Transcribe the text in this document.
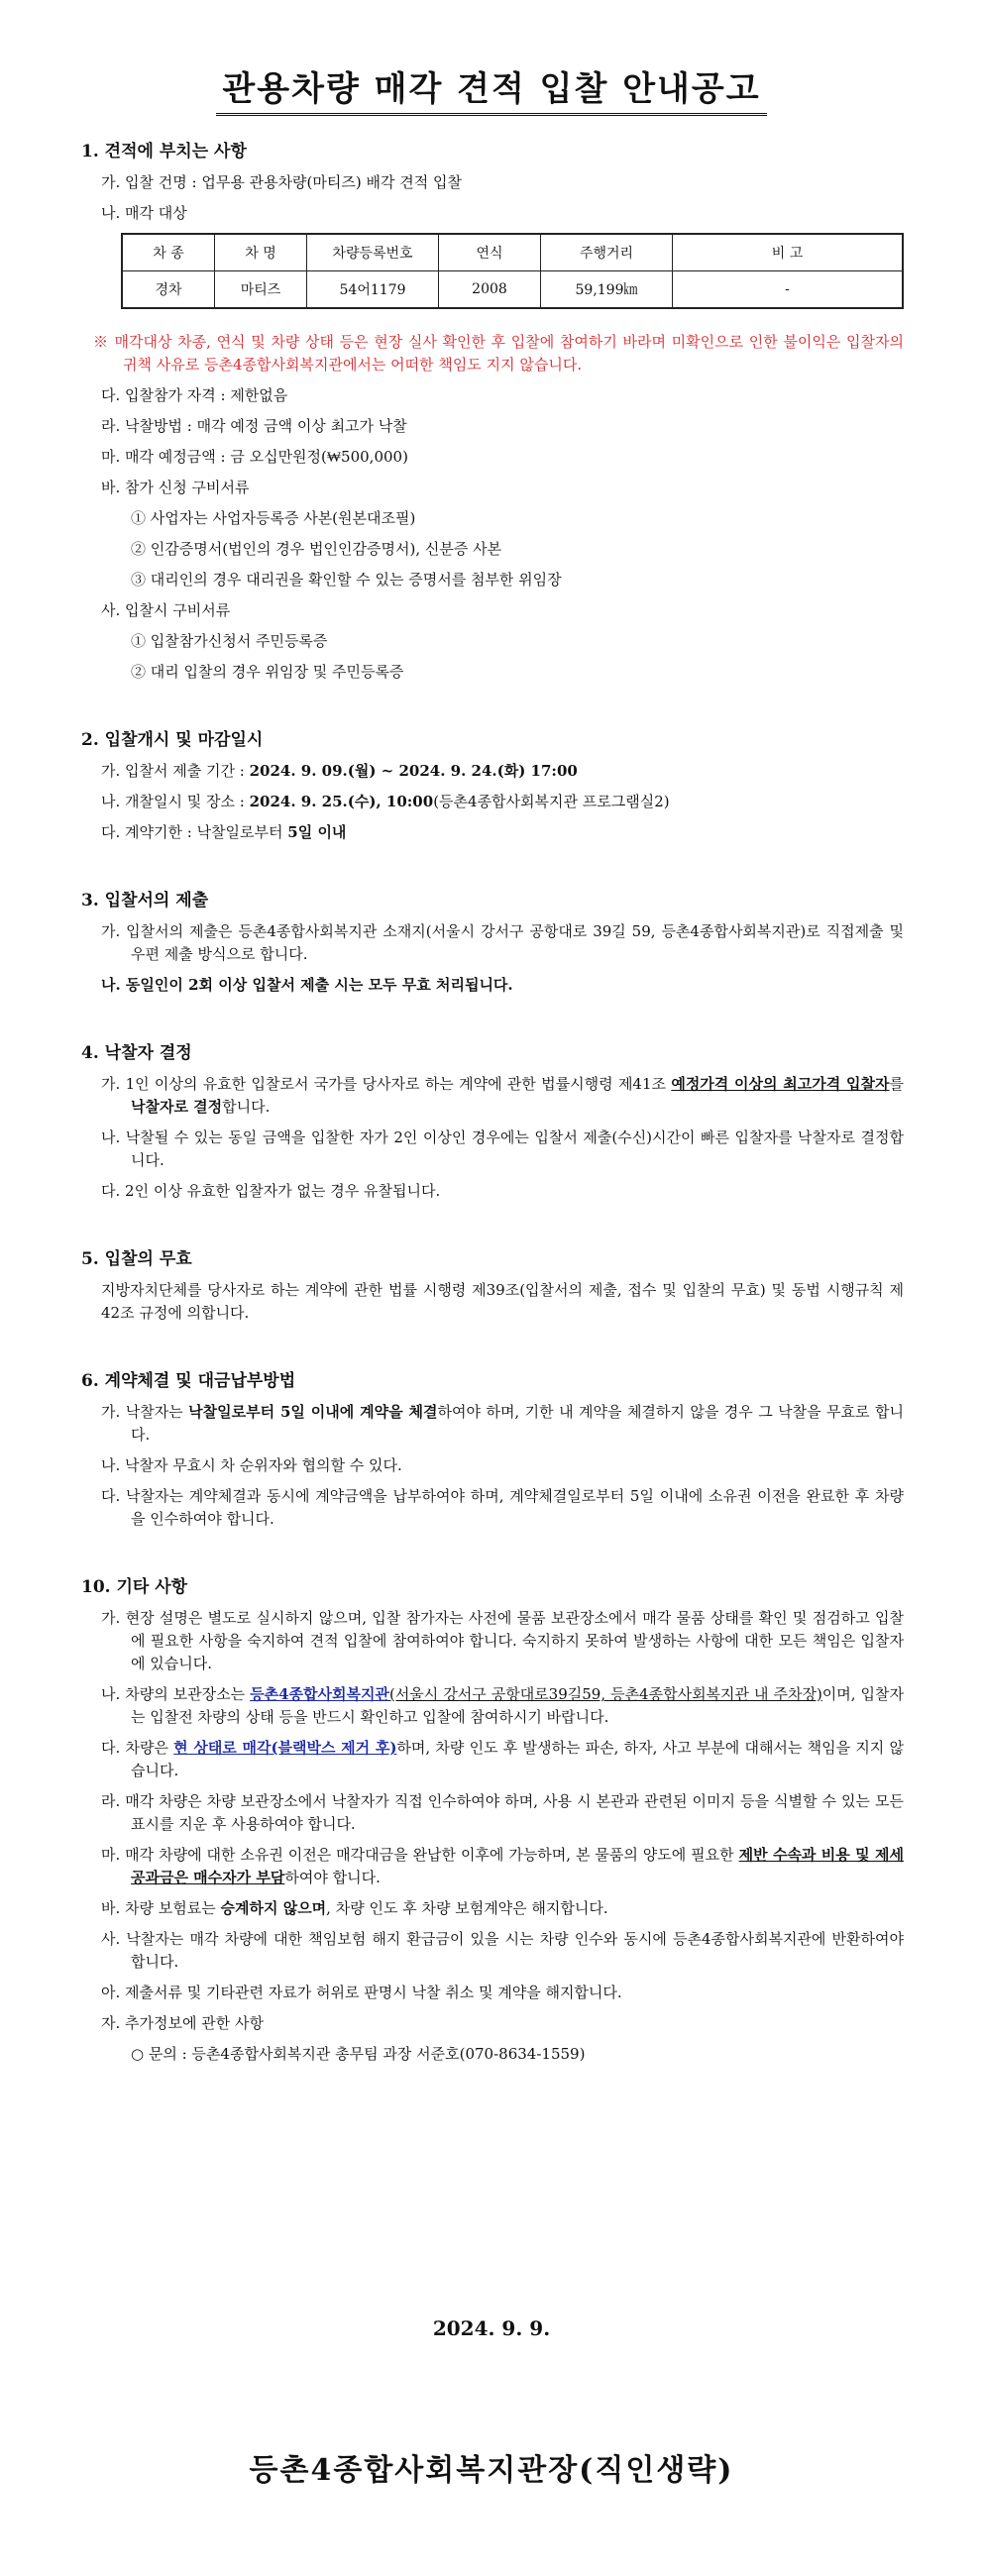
관용차량 매각 견적 입찰 안내공고
1. 견적에 부치는 사항
가. 입찰 건명 : 업무용 관용차량(마티즈) 배각 견적 입찰
나. 매각 대상
차 종	차 명	차량등록번호	연식	주행거리	비 고
경차	마티즈	54어1179	2008	59,199㎞	-
※ 매각대상 차종, 연식 및 차량 상태 등은 현장 실사 확인한 후 입찰에 참여하기 바라며 미확인으로 인한 불이익은 입찰자의 귀책 사유로 등촌4종합사회복지관에서는 어떠한 책임도 지지 않습니다.
다. 입찰참가 자격 : 제한없음
라. 낙찰방법 : 매각 예정 금액 이상 최고가 낙찰
마. 매각 예정금액 : 금 오십만원정(₩500,000)
바. 참가 신청 구비서류
① 사업자는 사업자등록증 사본(원본대조필)
② 인감증명서(법인의 경우 법인인감증명서), 신분증 사본
③ 대리인의 경우 대리권을 확인할 수 있는 증명서를 첨부한 위임장
사. 입찰시 구비서류
① 입찰참가신청서 주민등록증
② 대리 입찰의 경우 위임장 및 주민등록증
2. 입찰개시 및 마감일시
가. 입찰서 제출 기간 : 2024. 9. 09.(월) ~ 2024. 9. 24.(화) 17:00
나. 개찰일시 및 장소 : 2024. 9. 25.(수), 10:00(등촌4종합사회복지관 프로그램실2)
다. 계약기한 : 낙찰일로부터 5일 이내
3. 입찰서의 제출
가. 입찰서의 제출은 등촌4종합사회복지관 소재지(서울시 강서구 공항대로 39길 59, 등촌4종합사회복지관)로 직접제출 및 우편 제출 방식으로 합니다.
나. 동일인이 2회 이상 입찰서 제출 시는 모두 무효 처리됩니다.
4. 낙찰자 결정
가. 1인 이상의 유효한 입찰로서 국가를 당사자로 하는 계약에 관한 법률시행령 제41조 예정가격 이상의 최고가격 입찰자를 낙찰자로 결정합니다.
나. 낙찰될 수 있는 동일 금액을 입찰한 자가 2인 이상인 경우에는 입찰서 제출(수신)시간이 빠른 입찰자를 낙찰자로 결정합니다.
다. 2인 이상 유효한 입찰자가 없는 경우 유찰됩니다.
5. 입찰의 무효
지방자치단체를 당사자로 하는 계약에 관한 법률 시행령 제39조(입찰서의 제출, 접수 및 입찰의 무효) 및 동법 시행규칙 제42조 규정에 의합니다.
6. 계약체결 및 대금납부방법
가. 낙찰자는 낙찰일로부터 5일 이내에 계약을 체결하여야 하며, 기한 내 계약을 체결하지 않을 경우 그 낙찰을 무효로 합니다.
나. 낙찰자 무효시 차 순위자와 협의할 수 있다.
다. 낙찰자는 계약체결과 동시에 계약금액을 납부하여야 하며, 계약체결일로부터 5일 이내에 소유권 이전을 완료한 후 차량을 인수하여야 합니다.
10. 기타 사항
가. 현장 설명은 별도로 실시하지 않으며, 입찰 참가자는 사전에 물품 보관장소에서 매각 물품 상태를 확인 및 점검하고 입찰에 필요한 사항을 숙지하여 견적 입찰에 참여하여야 합니다. 숙지하지 못하여 발생하는 사항에 대한 모든 책임은 입찰자에 있습니다.
나. 차량의 보관장소는 등촌4종합사회복지관(서울시 강서구 공항대로39길59, 등촌4종합사회복지관 내 주차장)이며, 입찰자는 입찰전 차량의 상태 등을 반드시 확인하고 입찰에 참여하시기 바랍니다.
다. 차량은 현 상태로 매각(블랙박스 제거 후)하며, 차량 인도 후 발생하는 파손, 하자, 사고 부분에 대해서는 책임을 지지 않습니다.
라. 매각 차량은 차량 보관장소에서 낙찰자가 직접 인수하여야 하며, 사용 시 본관과 관련된 이미지 등을 식별할 수 있는 모든 표시를 지운 후 사용하여야 합니다.
마. 매각 차량에 대한 소유권 이전은 매각대금을 완납한 이후에 가능하며, 본 물품의 양도에 필요한 제반 수속과 비용 및 제세공과금은 매수자가 부담하여야 합니다.
바. 차량 보험료는 승계하지 않으며, 차량 인도 후 차량 보험계약은 해지합니다.
사. 낙찰자는 매각 차량에 대한 책임보험 해지 환급금이 있을 시는 차량 인수와 동시에 등촌4종합사회복지관에 반환하여야 합니다.
아. 제출서류 및 기타관련 자료가 허위로 판명시 낙찰 취소 및 계약을 해지합니다.
자. 추가정보에 관한 사항
○ 문의 : 등촌4종합사회복지관 총무팀 과장 서준호(070-8634-1559)
2024. 9. 9.
등촌4종합사회복지관장(직인생략)
